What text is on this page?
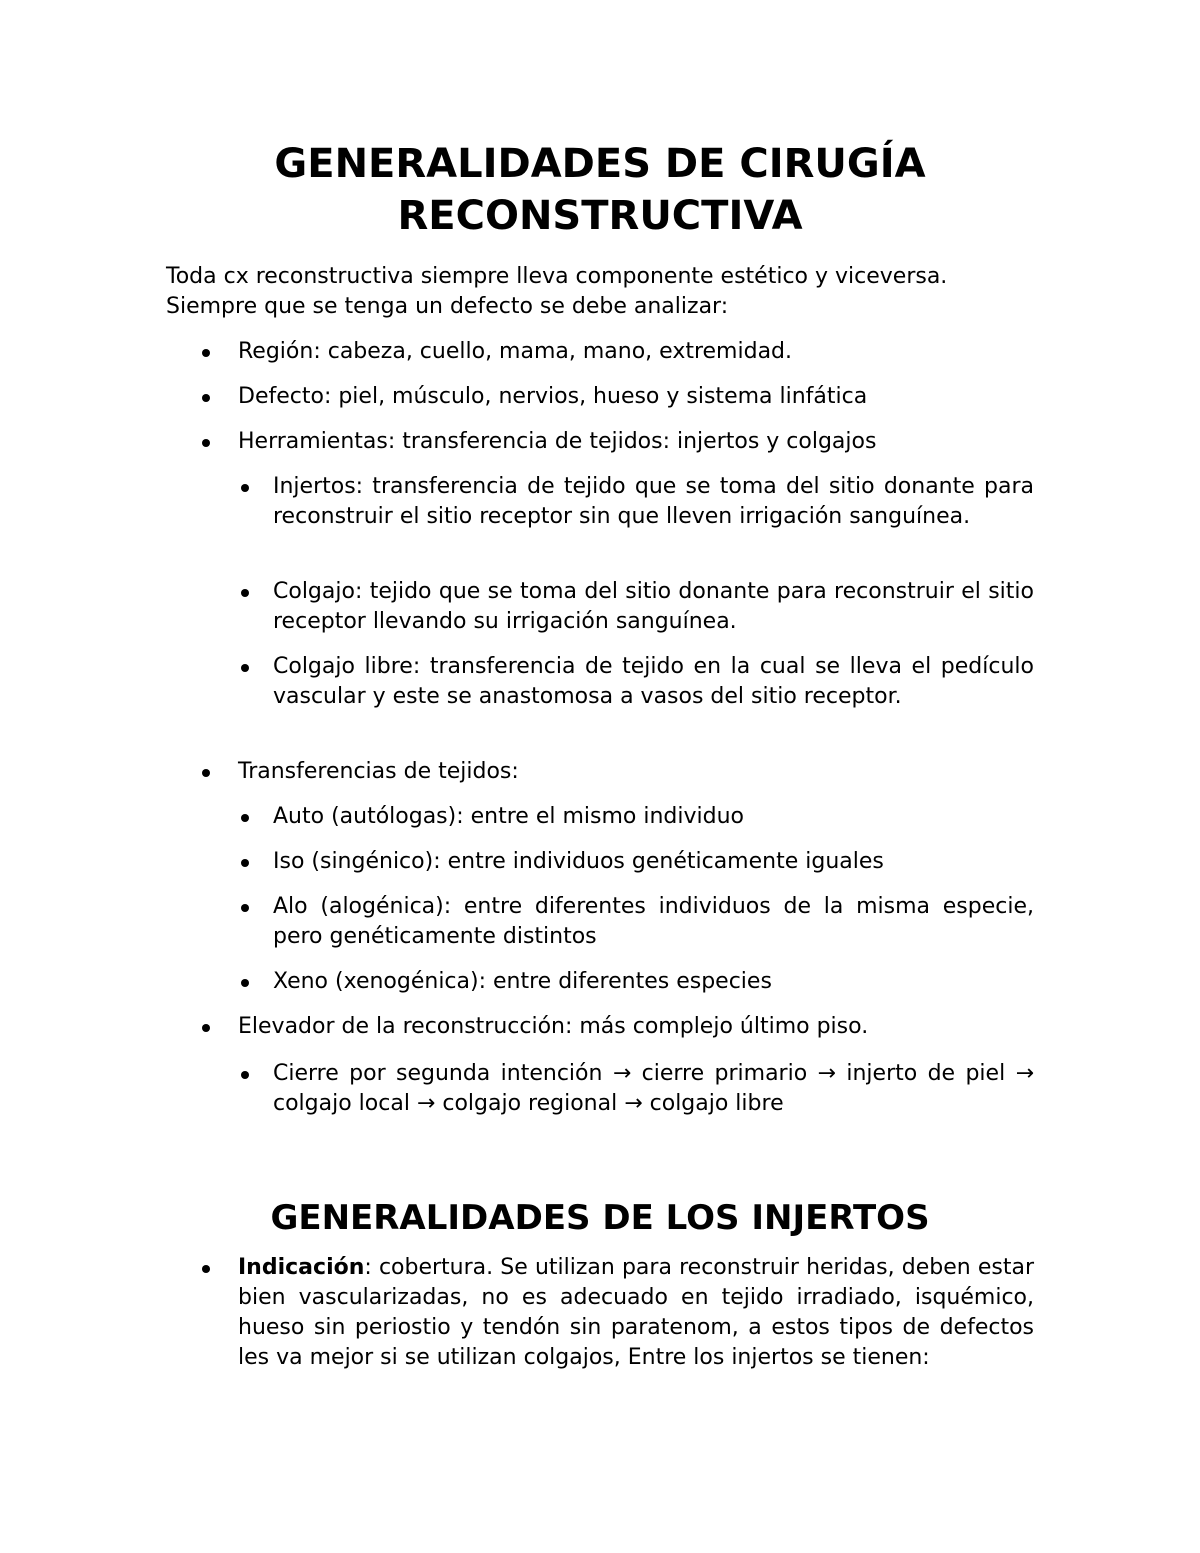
GENERALIDADES DE CIRUGÍA
RECONSTRUCTIVA

Toda cx reconstructiva siempre lleva componente estético y viceversa.
Siempre que se tenga un defecto se debe analizar:

Región: cabeza, cuello, mama, mano, extremidad.
Defecto: piel, músculo, nervios, hueso y sistema linfática
Herramientas: transferencia de tejidos: injertos y colgajos
Injertos: transferencia de tejido que se toma del sitio donante para reconstruir el sitio receptor sin que lleven irrigación sanguínea.
Colgajo: tejido que se toma del sitio donante para reconstruir el sitio receptor llevando su irrigación sanguínea.
Colgajo libre: transferencia de tejido en la cual se lleva el pedículo vascular y este se anastomosa a vasos del sitio receptor.
Transferencias de tejidos:
Auto (autólogas): entre el mismo individuo
Iso (singénico): entre individuos genéticamente iguales
Alo (alogénica): entre diferentes individuos de la misma especie, pero genéticamente distintos
Xeno (xenogénica): entre diferentes especies
Elevador de la reconstrucción: más complejo último piso.
Cierre por segunda intención → cierre primario → injerto de piel → colgajo local → colgajo regional → colgajo libre
GENERALIDADES DE LOS INJERTOS
Indicación: cobertura. Se utilizan para reconstruir heridas, deben estar bien vascularizadas, no es adecuado en tejido irradiado, isquémico, hueso sin periostio y tendón sin paratenom, a estos tipos de defectos les va mejor si se utilizan colgajos, Entre los injertos se tienen:
